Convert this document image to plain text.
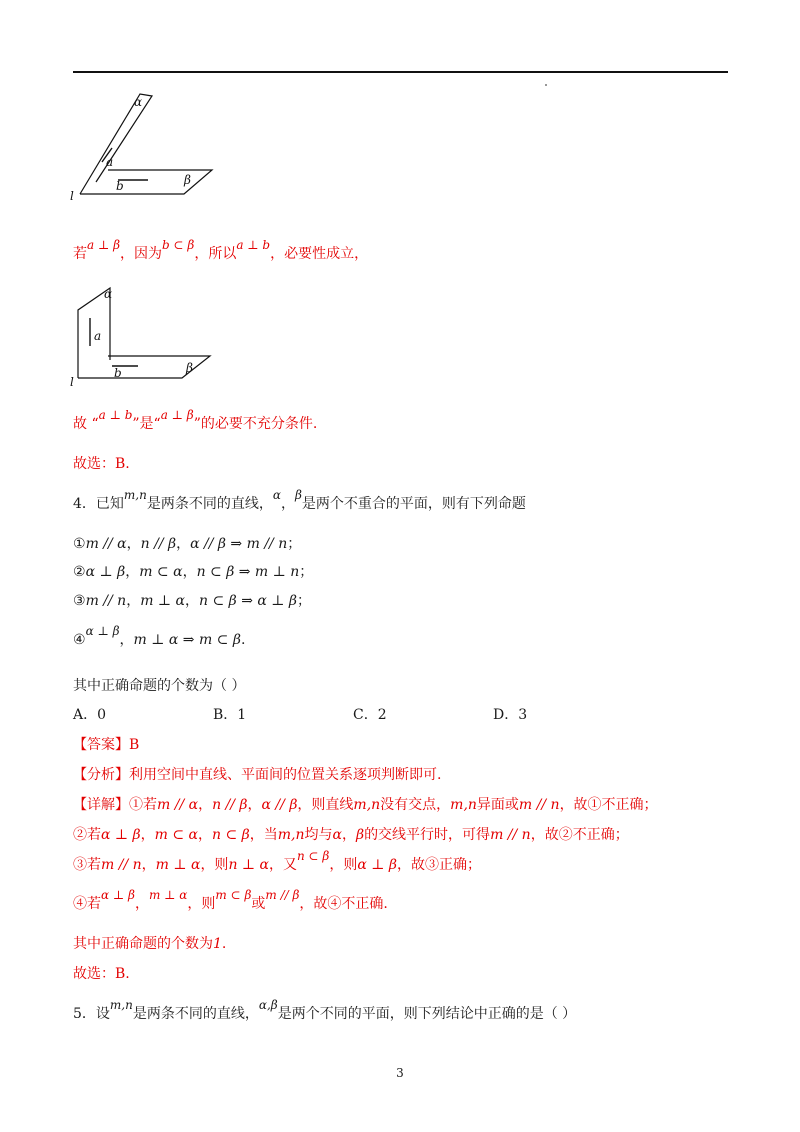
α
a
b	β
l
若a ⊥ β，因为b ⊂ β，所以a ⊥ b，必要性成立，
α
a
b	β
l
故 “a ⊥ b”是“a ⊥ β”的必要不充分条件.
故选：B.
4．已知m,n是两条不同的直线，α，β是两个不重合的平面，则有下列命题
①m // α，n // β，α // β ⇒ m // n；
②α ⊥ β，m ⊂ α，n ⊂ β ⇒ m ⊥ n；
③m // n，m ⊥ α，n ⊂ β ⇒ α ⊥ β；
④α ⊥ β，m ⊥ α ⇒ m ⊂ β.
其中正确命题的个数为（ ）
A．0	B．1	C．2	D．3
【答案】B
【分析】利用空间中直线、平面间的位置关系逐项判断即可.
【详解】①若m // α，n // β，α // β，则直线m,n没有交点，m,n异面或m // n，故①不正确；
②若α ⊥ β，m ⊂ α，n ⊂ β，当m,n均与α，β的交线平行时，可得m // n，故②不正确；
③若m // n，m ⊥ α，则n ⊥ α，又n ⊂ β，则α ⊥ β，故③正确；
④若α ⊥ β，m ⊥ α，则m ⊂ β或m // β，故④不正确.
其中正确命题的个数为1.
故选：B.
5．设m,n是两条不同的直线，α,β是两个不同的平面，则下列结论中正确的是（ ）
3
